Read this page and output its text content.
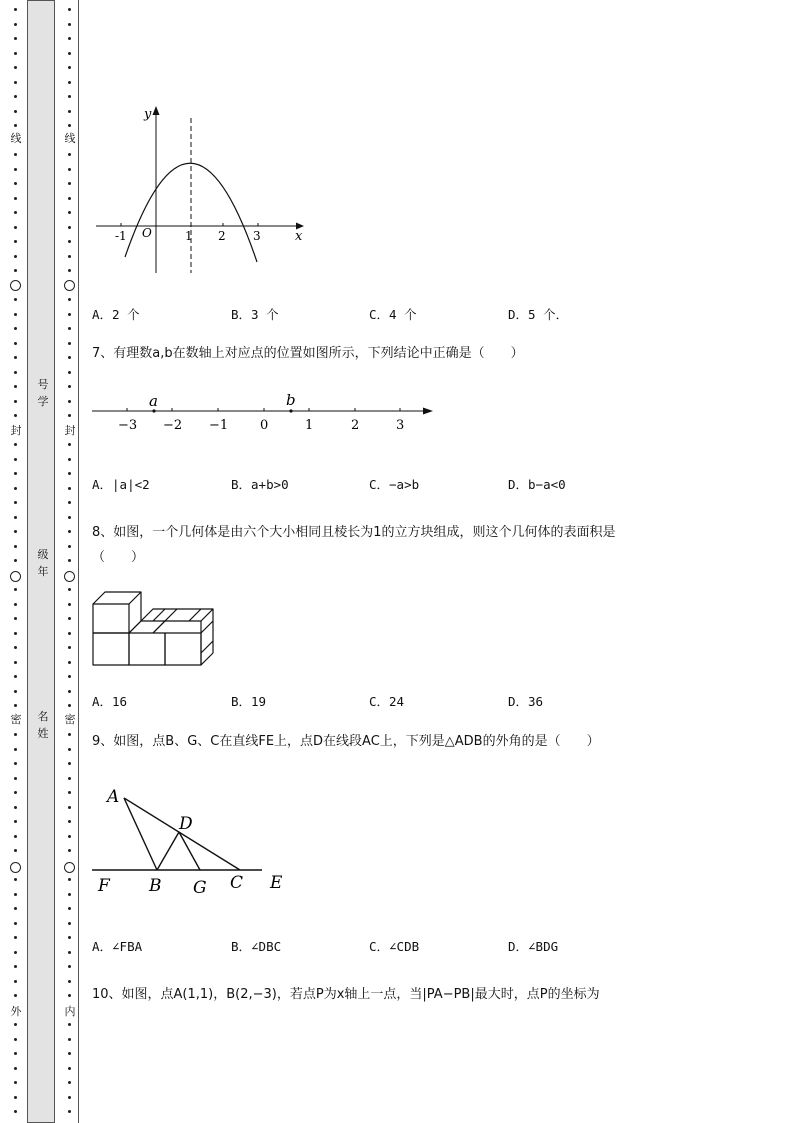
线
封
密
外
线
封
密
内
号学
级年
名姓
y
x
O
-1	1 2 3
A．2 个	B．3 个	C．4 个	D．5 个．
7、有理数a,b在数轴上对应点的位置如图所示，下列结论中正确是（　　）
a	b
−3 −2 −1 0	1	2	3
A．|a|<2	B．a+b>0	C．−a>b	D．b−a<0
8、如图，一个几何体是由六个大小相同且棱长为1的立方块组成，则这个几何体的表面积是
（　　）
A．16	B．19	C．24	D．36
9、如图，点B、G、C在直线FE上，点D在线段AC上，下列是△ADB的外角的是（　　）
A
D
F B G C E
A．∠FBA	B．∠DBC	C．∠CDB	D．∠BDG
10、如图，点A(1,1)，B(2,−3)，若点P为x轴上一点，当|PA−PB|最大时，点P的坐标为
